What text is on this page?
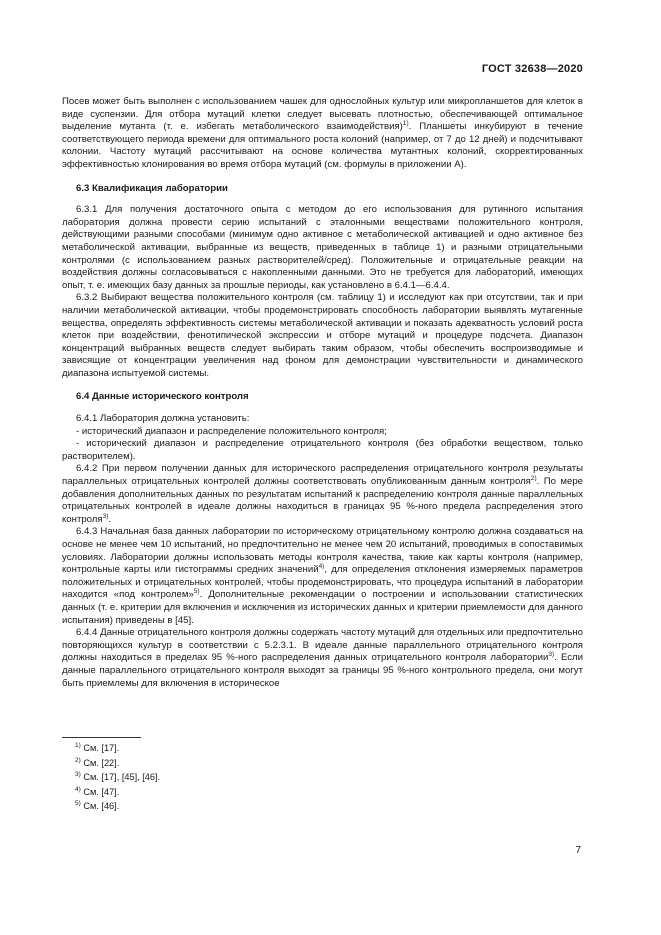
ГОСТ 32638—2020

Посев может быть выполнен с использованием чашек для однослойных культур или микропланшетов для клеток в виде суспензии. Для отбора мутаций клетки следует высевать плотностью, обеспечивающей оптимальное выделение мутанта (т. е. избегать метаболического взаимодействия)$^{1)}$. Планшеты инкубируют в течение соответствующего периода времени для оптимального роста колоний (например, от 7 до 12 дней) и подсчитывают колонии. Частоту мутаций рассчитывают на основе количества мутантных колоний, скорректированных эффективностью клонирования во время отбора мутаций (см. формулы в приложении А).

6.3 Квалификация лаборатории

6.3.1 Для получения достаточного опыта с методом до его использования для рутинного испытания лаборатория должна провести серию испытаний с эталонными веществами положительного контроля, действующими разными способами (минимум одно активное с метаболической активацией и одно активное без метаболической активации, выбранные из веществ, приведенных в таблице 1) и разными отрицательными контролями (с использованием разных растворителей/сред). Положительные и отрицательные реакции на воздействия должны согласовываться с накопленными данными. Это не требуется для лабораторий, имеющих опыт, т. е. имеющих базу данных за прошлые периоды, как установлено в 6.4.1—6.4.4.

6.3.2 Выбирают вещества положительного контроля (см. таблицу 1) и исследуют как при отсутствии, так и при наличии метаболической активации, чтобы продемонстрировать способность лаборатории выявлять мутагенные вещества, определять эффективность системы метаболической активации и показать адекватность условий роста клеток при воздействии, фенотипической экспрессии и отборе мутаций и процедуре подсчета. Диапазон концентраций выбранных веществ следует выбирать таким образом, чтобы обеспечить воспроизводимые и зависящие от концентрации увеличения над фоном для демонстрации чувствительности и динамического диапазона испытуемой системы.

6.4 Данные исторического контроля

6.4.1 Лаборатория должна установить:

- исторический диапазон и распределение положительного контроля;

- исторический диапазон и распределение отрицательного контроля (без обработки веществом, только растворителем).

6.4.2 При первом получении данных для исторического распределения отрицательного контроля результаты параллельных отрицательных контролей должны соответствовать опубликованным данным контроля$^{2)}$. По мере добавления дополнительных данных по результатам испытаний к распределению контроля данные параллельных отрицательных контролей в идеале должны находиться в границах 95 %-ного предела распределения этого контроля$^{3)}$.

6.4.3 Начальная база данных лаборатории по историческому отрицательному контролю должна создаваться на основе не менее чем 10 испытаний, но предпочтительно не менее чем 20 испытаний, проводимых в сопоставимых условиях. Лаборатории должны использовать методы контроля качества, такие как карты контроля (например, контрольные карты или гистограммы средних значений$^{4)}$, для определения отклонения измеряемых параметров положительных и отрицательных контролей, чтобы продемонстрировать, что процедура испытаний в лаборатории находится «под контролем»$^{5)}$. Дополнительные рекомендации о построении и использовании статистических данных (т. е. критерии для включения и исключения из исторических данных и критерии приемлемости для данного испытания) приведены в [45].

6.4.4 Данные отрицательного контроля должны содержать частоту мутаций для отдельных или предпочтительно повторяющихся культур в соответствии с 5.2.3.1. В идеале данные параллельного отрицательного контроля должны находиться в пределах 95 %-ного распределения данных отрицательного контроля лаборатории$^{3)}$. Если данные параллельного отрицательного контроля выходят за границы 95 %-ного контрольного предела, они могут быть приемлемы для включения в историческое

$^{1)}$ См. [17].
$^{2)}$ См. [22].
$^{3)}$ См. [17], [45], [46].
$^{4)}$ См. [47].
$^{5)}$ См. [46].
7
